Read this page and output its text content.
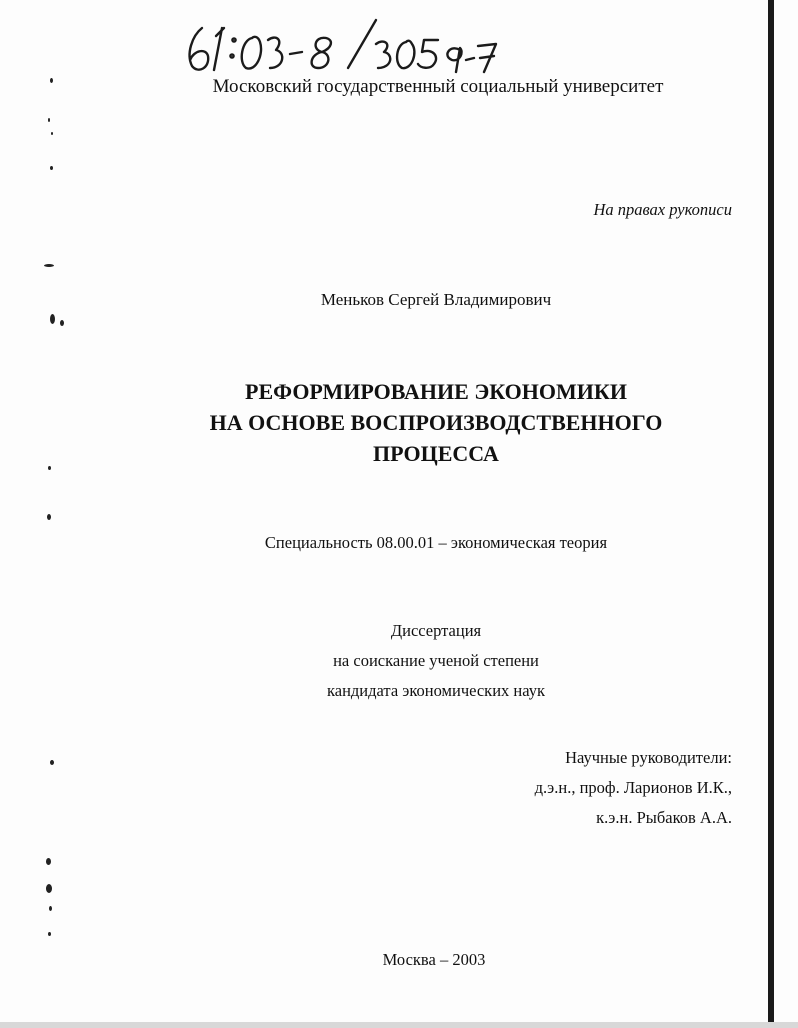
Московский государственный социальный университет
На правах рукописи
Меньков Сергей Владимирович
РЕФОРМИРОВАНИЕ ЭКОНОМИКИ
НА ОСНОВЕ ВОСПРОИЗВОДСТВЕННОГО
ПРОЦЕССА
Специальность 08.00.01 – экономическая теория
Диссертация
на соискание ученой степени
кандидата экономических наук
Научные руководители:
д.э.н., проф. Ларионов И.К.,
к.э.н. Рыбаков А.А.
Москва – 2003
